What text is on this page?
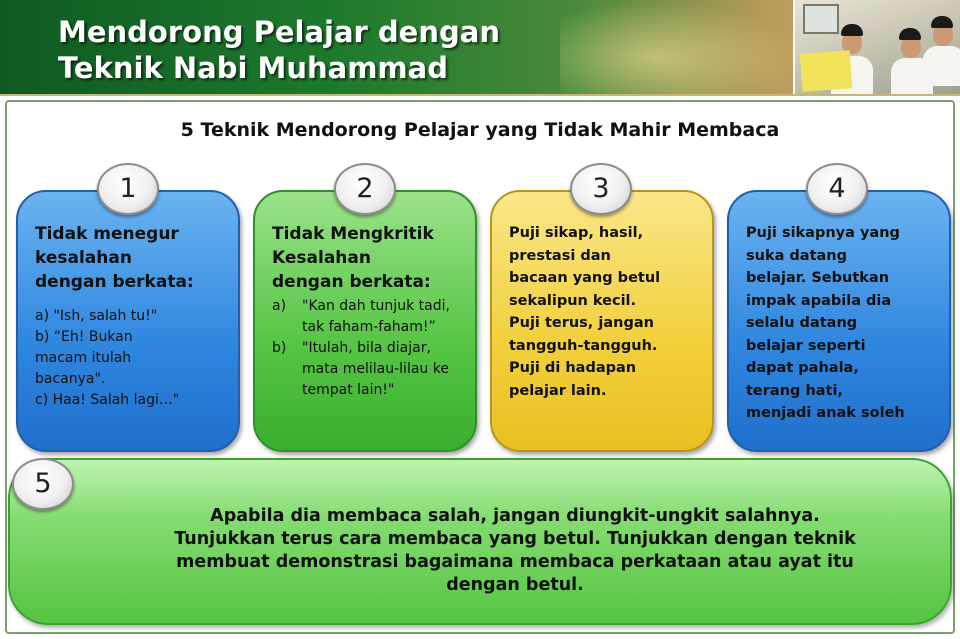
Mendorong Pelajar dengan
Teknik Nabi Muhammad
5 Teknik Mendorong Pelajar yang Tidak Mahir Membaca
Tidak menegur
kesalahan
dengan berkata:
a) "Ish, salah tu!"
b) “Eh! Bukan
macam itulah
bacanya".
c) Haa! Salah lagi…"
Tidak Mengkritik
Kesalahan
dengan berkata:
a)	"Kan dah tunjuk tadi, tak faham-faham!”
b)	"Itulah, bila diajar, mata melilau-lilau ke tempat lain!"
Puji sikap, hasil,
prestasi dan
bacaan yang betul
sekalipun kecil.
Puji terus, jangan
tangguh-tangguh.
Puji di hadapan
pelajar lain.
Puji sikapnya yang
suka datang
belajar. Sebutkan
impak apabila dia
selalu datang
belajar seperti
dapat pahala,
terang hati,
menjadi anak soleh
Apabila dia membaca salah, jangan diungkit-ungkit salahnya.
Tunjukkan terus cara membaca yang betul. Tunjukkan dengan teknik
membuat demonstrasi bagaimana membaca perkataan atau ayat itu
dengan betul.
1	2	3	4
5
